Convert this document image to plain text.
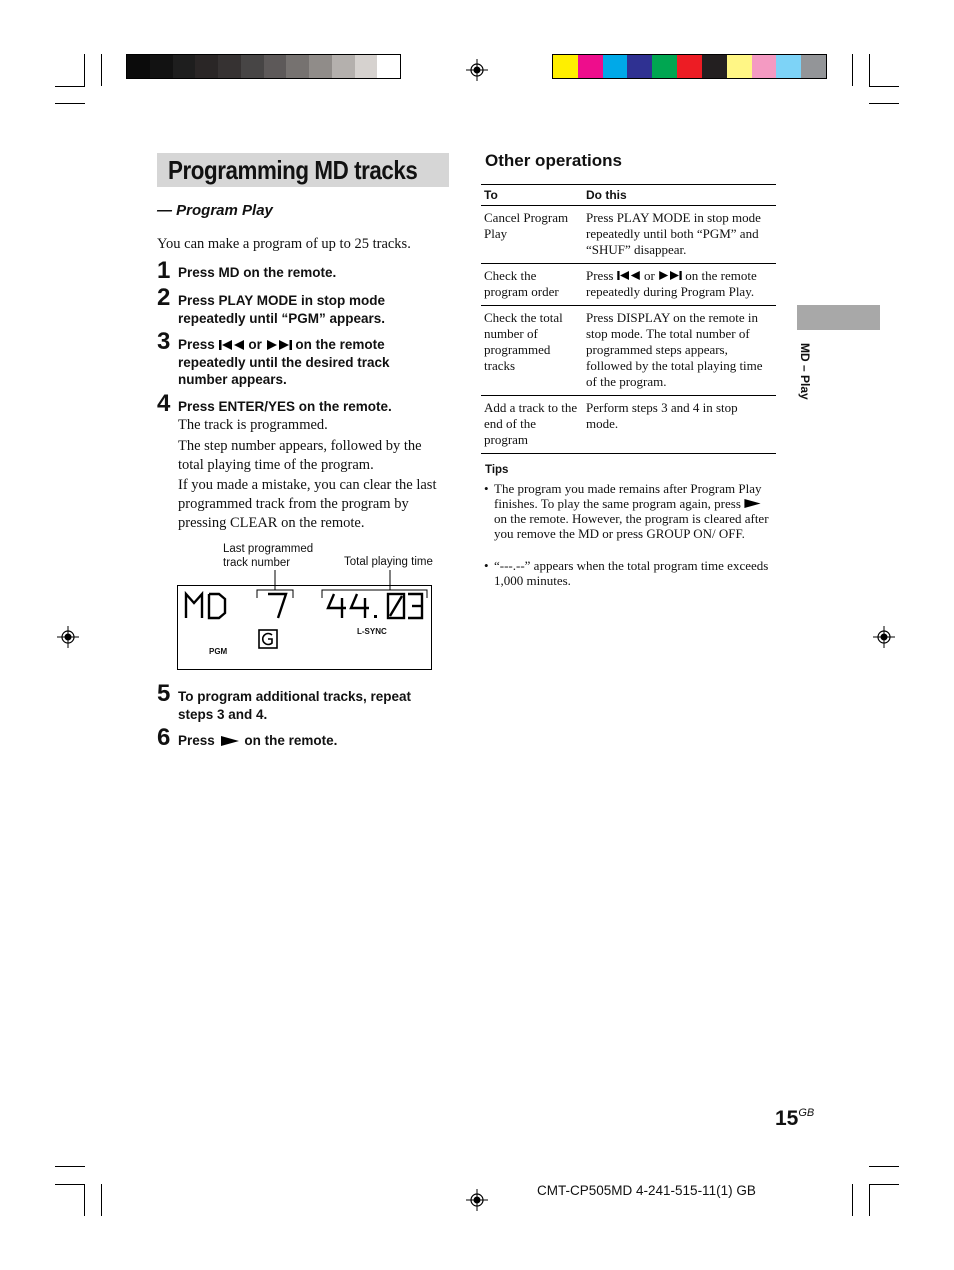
Programming MD tracks
— Program Play
You can make a program of up to 25 tracks.
1 Press MD on the remote.
2 Press PLAY MODE in stop mode repeatedly until “PGM” appears.
3 Press or on the remote repeatedly until the desired track number appears.
4 Press ENTER/YES on the remote.
The track is programmed.
The step number appears, followed by the total playing time of the program.
If you made a mistake, you can clear the last programmed track from the program by pressing CLEAR on the remote.
Last programmed
track number	Total playing time
PGM
L-SYNC
5 To program additional tracks, repeat steps 3 and 4.
6 Press on the remote.
Other operations
To	Do this
Cancel Program Play	Press PLAY MODE in stop mode repeatedly until both “PGM” and “SHUF” disappear.
Check the program order	Press or on the remote repeatedly during Program Play.
Check the total number of programmed tracks	Press DISPLAY on the remote in stop mode. The total number of programmed steps appears, followed by the total playing time of the program.
Add a track to the end of the program	Perform steps 3 and 4 in stop mode.
Tips
• The program you made remains after Program Play finishes. To play the same program again, press  on the remote. However, the program is cleared after you remove the MD or press GROUP ON/ OFF.
• “---.--” appears when the total program time exceeds 1,000 minutes.
MD – Play
$15^{GB}$
CMT-CP505MD 4-241-515-11(1) GB
